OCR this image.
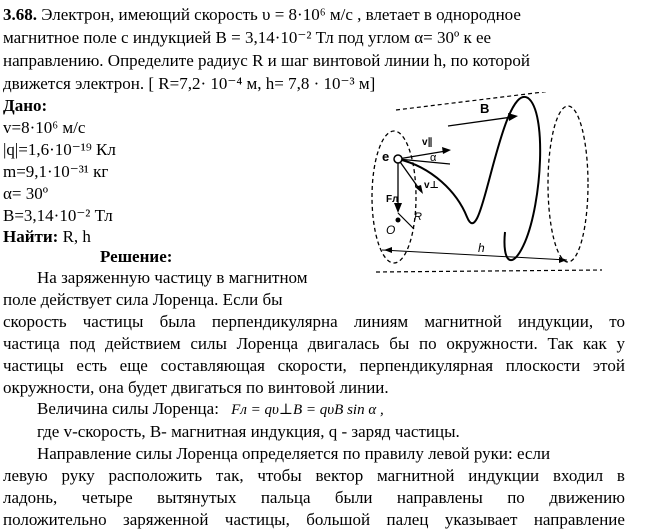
3.68. Электрон, имеющий скорость υ = 8·10⁶ м/с , влетает в однородное
магнитное поле с индукцией B = 3,14·10⁻² Тл под углом α= 30º к ее
направлению. Определите радиус R и шаг винтовой линии h, по которой
движется электрон. [ R=7,2· 10⁻⁴ м, h= 7,8 · 10⁻³ м]
Дано:
v=8·10⁶ м/с
|q|=1,6·10⁻¹⁹ Кл
m=9,1·10⁻³¹ кг
α= 30º
B=3,14·10⁻² Тл
Найти: R, h
Решение:
На заряженную частицу в магнитном
поле действует сила Лоренца. Если бы
скорость частицы была перпендикулярна линиям магнитной индукции, то
частица под действием силы Лоренца двигалась бы по окружности. Так как у
частицы есть еще составляющая скорости, перпендикулярная плоскости этой
окружности, она будет двигаться по винтовой линии.
Величина силы Лоренца: Fл = qυ⊥B = qυB sin α ,
где v-скорость, B- магнитная индукция, q - заряд частицы.
Направление силы Лоренца определяется по правилу левой руки: если
левую руку расположить так, чтобы вектор магнитной индукции входил в
ладонь, четыре вытянутых пальца были направлены по движению
положительно заряженной частицы, большой палец указывает направление
B
v∥
α
v⊥
e
Fл
R
O
h
